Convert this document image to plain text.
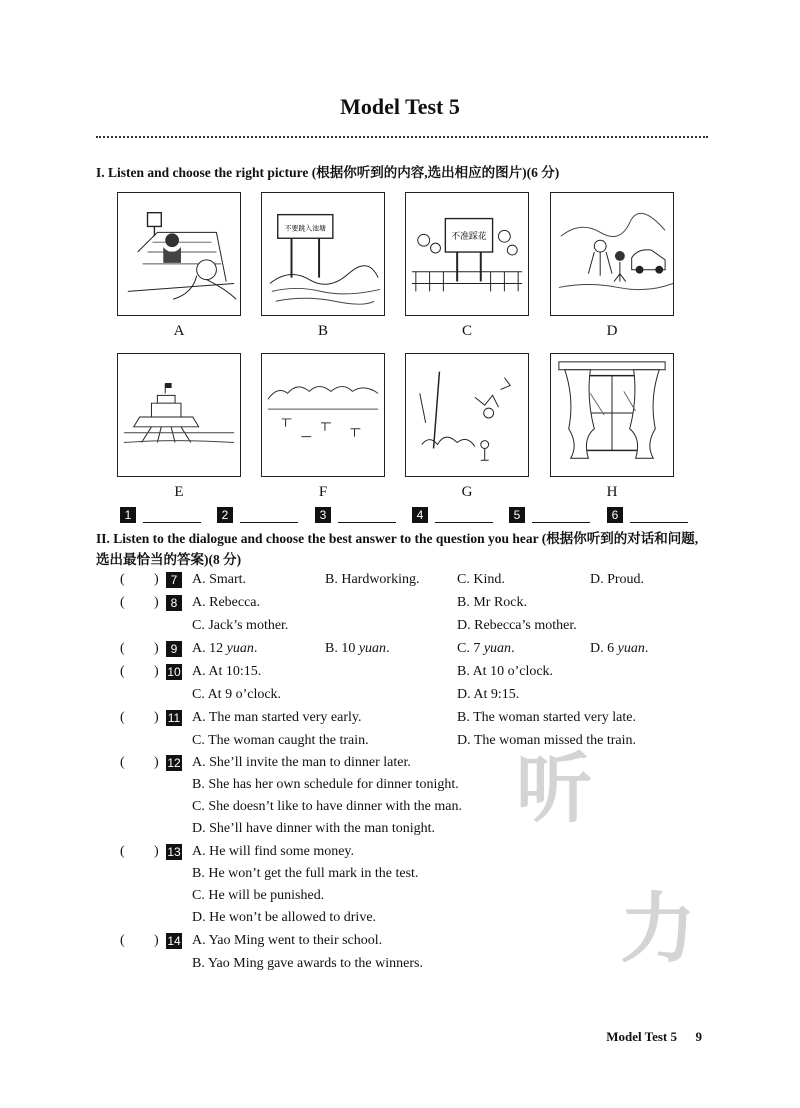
Model Test 5
I. Listen and choose the right picture (根据你听到的内容,选出相应的图片)(6 分)
不要跳入池塘
不准踩花
A	B	C	D
E	F	G	H
1	2	3	4	5	6
II. Listen to the dialogue and choose the best answer to the question you hear (根据你听到的对话和问题,选出最恰当的答案)(8 分)
听
力
( ) 7	A. Smart.	B. Hardworking.	C. Kind.	D. Proud.
( ) 8	A. Rebecca.	B. Mr Rock.
C. Jack’s mother.	D. Rebecca’s mother.
( ) 9	A. 12 yuan.	B. 10 yuan.	C. 7 yuan.	D. 6 yuan.
( ) 10 A. At 10:15.	B. At 10 o’clock.
C. At 9 o’clock.	D. At 9:15.
( ) 11 A. The man started very early.	B. The woman started very late.
C. The woman caught the train.	D. The woman missed the train.
( ) 12 A. She’ll invite the man to dinner later.
B. She has her own schedule for dinner tonight.
C. She doesn’t like to have dinner with the man.
D. She’ll have dinner with the man tonight.
( ) 13 A. He will find some money.
B. He won’t get the full mark in the test.
C. He will be punished.
D. He won’t be allowed to drive.
( ) 14 A. Yao Ming went to their school.
B. Yao Ming gave awards to the winners.
Model Test 5 9
